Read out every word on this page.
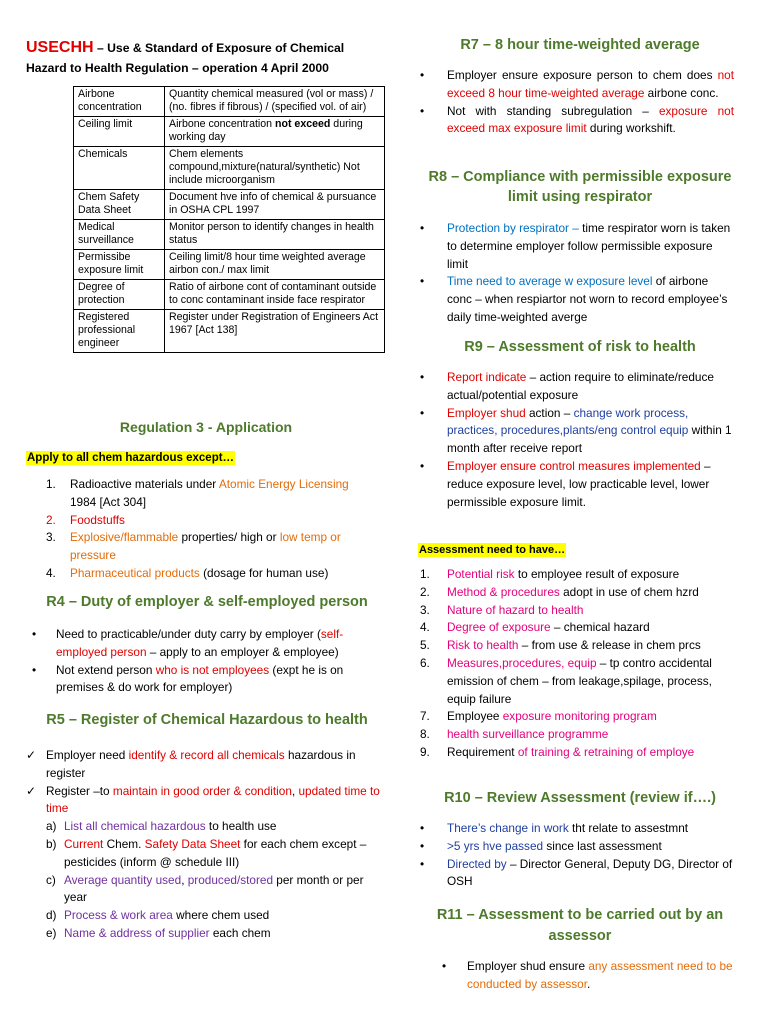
USECHH – Use & Standard of Exposure of Chemical
Hazard to Health Regulation – operation 4 April 2000
Airbone concentration	Quantity chemical measured (vol or mass) / (no. fibres if fibrous) / (specified vol. of air)
Ceiling limit	Airbone concentration not exceed during working day
Chemicals	Chem elements compound,mixture(natural/synthetic) Not include microorganism
Chem Safety Data Sheet	Document hve info of chemical & pursuance in OSHA CPL 1997
Medical surveillance	Monitor person to identify changes in health status
Permissibe exposure limit	Ceiling limit/8 hour time weighted average airbon con./ max limit
Degree of protection	Ratio of airbone cont of contaminant outside to conc contaminant inside face respirator
Registered professional engineer	Register under Registration of Engineers Act 1967 [Act 138]
Regulation 3 - Application
Apply to all chem hazardous except…
1. Radioactive materials under Atomic Energy Licensing
1984 [Act 304]
2. Foodstuffs
3. Explosive/flammable properties/ high or low temp or pressure
4. Pharmaceutical products (dosage for human use)
R4 – Duty of employer & self-employed person
• Need to practicable/under duty carry by employer (self-employed person – apply to an employer & employee)
• Not extend person who is not employees (expt he is on premises & do work for employer)
R5 – Register of Chemical Hazardous to health
✓ Employer need identify & record all chemicals hazardous in register
✓ Register –to maintain in good order & condition, updated time to time
a) List all chemical hazardous to health use
b) Current Chem. Safety Data Sheet for each chem except – pesticides (inform @ schedule III)
c) Average quantity used, produced/stored per month or per year
d) Process & work area where chem used
e) Name & address of supplier each chem
R7 – 8 hour time-weighted average
• Employer ensure exposure person to chem does not exceed 8 hour time-weighted average airbone conc.
• Not with standing subregulation – exposure not exceed max exposure limit during workshift.
R8 – Compliance with permissible exposure limit using respirator
• Protection by respirator – time respirator worn is taken to determine employer follow permissible exposure limit
• Time need to average w exposure level of airbone conc – when respiartor not worn to record employee’s daily time-weighted averge
R9 – Assessment of risk to health
• Report indicate – action require to eliminate/reduce actual/potential exposure
• Employer shud action – change work process, practices, procedures,plants/eng control equip within 1 month after receive report
• Employer ensure control measures implemented – reduce exposure level, low practicable level, lower permissible exposure limit.
Assessment need to have…
1. Potential risk to employee result of exposure
2. Method & procedures adopt in use of chem hzrd
3. Nature of hazard to health
4. Degree of exposure – chemical hazard
5. Risk to health – from use & release in chem prcs
6. Measures,procedures, equip – tp contro accidental emission of chem – from leakage,spilage, process, equip failure
7. Employee exposure monitoring program
8. health surveillance programme
9. Requirement of training & retraining of employe
R10 – Review Assessment (review if….)
• There’s change in work tht relate to assestmnt
• >5 yrs hve passed since last assessment
• Directed by – Director General, Deputy DG, Director of OSH
R11 – Assessment to be carried out by an assessor
• Employer shud ensure any assessment need to be conducted by assessor.
